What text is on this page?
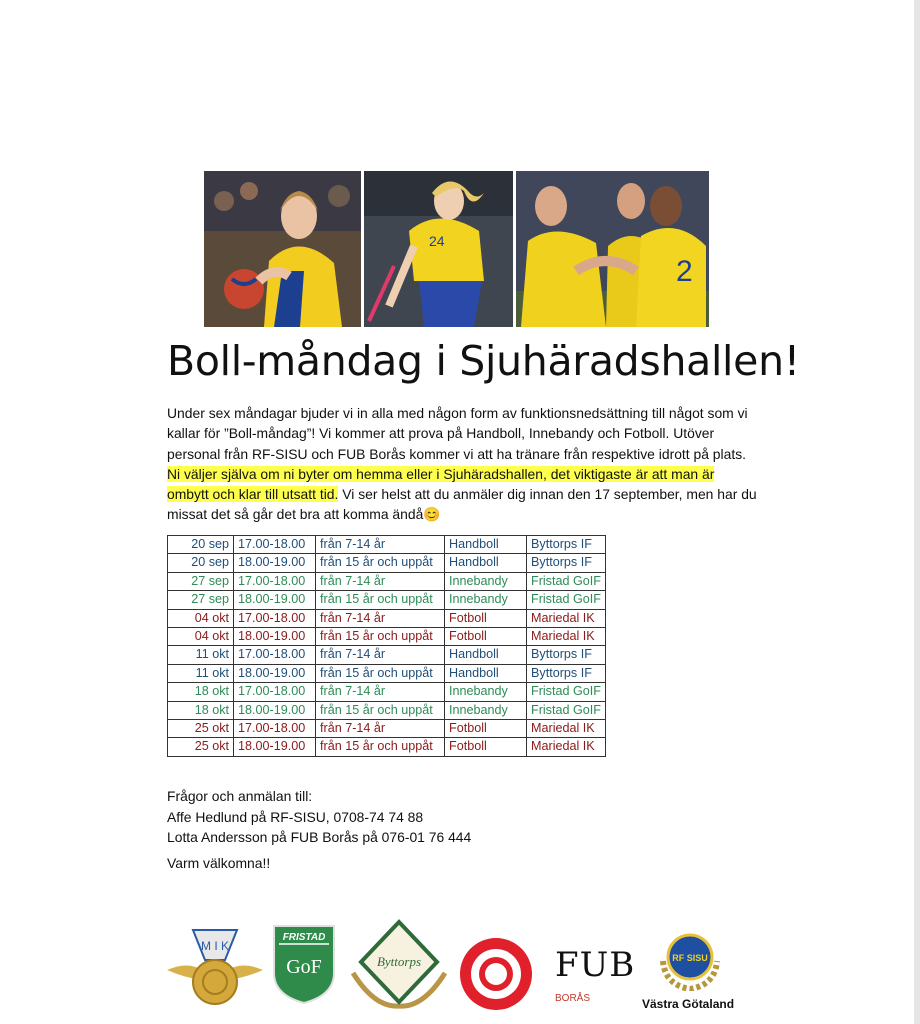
24
2
Boll-måndag i Sjuhäradshallen!
Under sex måndagar bjuder vi in alla med någon form av funktionsnedsättning till något som vi kallar för ”Boll-måndag”! Vi kommer att prova på Handboll, Innebandy och Fotboll. Utöver personal från RF-SISU och FUB Borås kommer vi att ha tränare från respektive idrott på plats. Ni väljer själva om ni byter om hemma eller i Sjuhäradshallen, det viktigaste är att man är ombytt och klar till utsatt tid. Vi ser helst att du anmäler dig innan den 17 september, men har du missat det så går det bra att komma ändå😊
20 sep	17.00-18.00	från 7-14 år	Handboll	Byttorps IF
20 sep	18.00-19.00	från 15 år och uppåt	Handboll	Byttorps IF
27 sep	17.00-18.00	från 7-14 år	Innebandy	Fristad GoIF
27 sep	18.00-19.00	från 15 år och uppåt	Innebandy	Fristad GoIF
04 okt	17.00-18.00	från 7-14 år	Fotboll	Mariedal IK
04 okt	18.00-19.00	från 15 år och uppåt	Fotboll	Mariedal IK
11 okt	17.00-18.00	från 7-14 år	Handboll	Byttorps IF
11 okt	18.00-19.00	från 15 år och uppåt	Handboll	Byttorps IF
18 okt	17.00-18.00	från 7-14 år	Innebandy	Fristad GoIF
18 okt	18.00-19.00	från 15 år och uppåt	Innebandy	Fristad GoIF
25 okt	17.00-18.00	från 7-14 år	Fotboll	Mariedal IK
25 okt	18.00-19.00	från 15 år och uppåt	Fotboll	Mariedal IK

Frågor och anmälan till:

Affe Hedlund på RF-SISU, 0708-74 74 88

Lotta Andersson på FUB Borås på 076-01 76 444

Varm välkomna!!
M I K
FRISTAD
GoF	Byttorps	FUB
BORÅS
RF SISU
Västra Götaland
